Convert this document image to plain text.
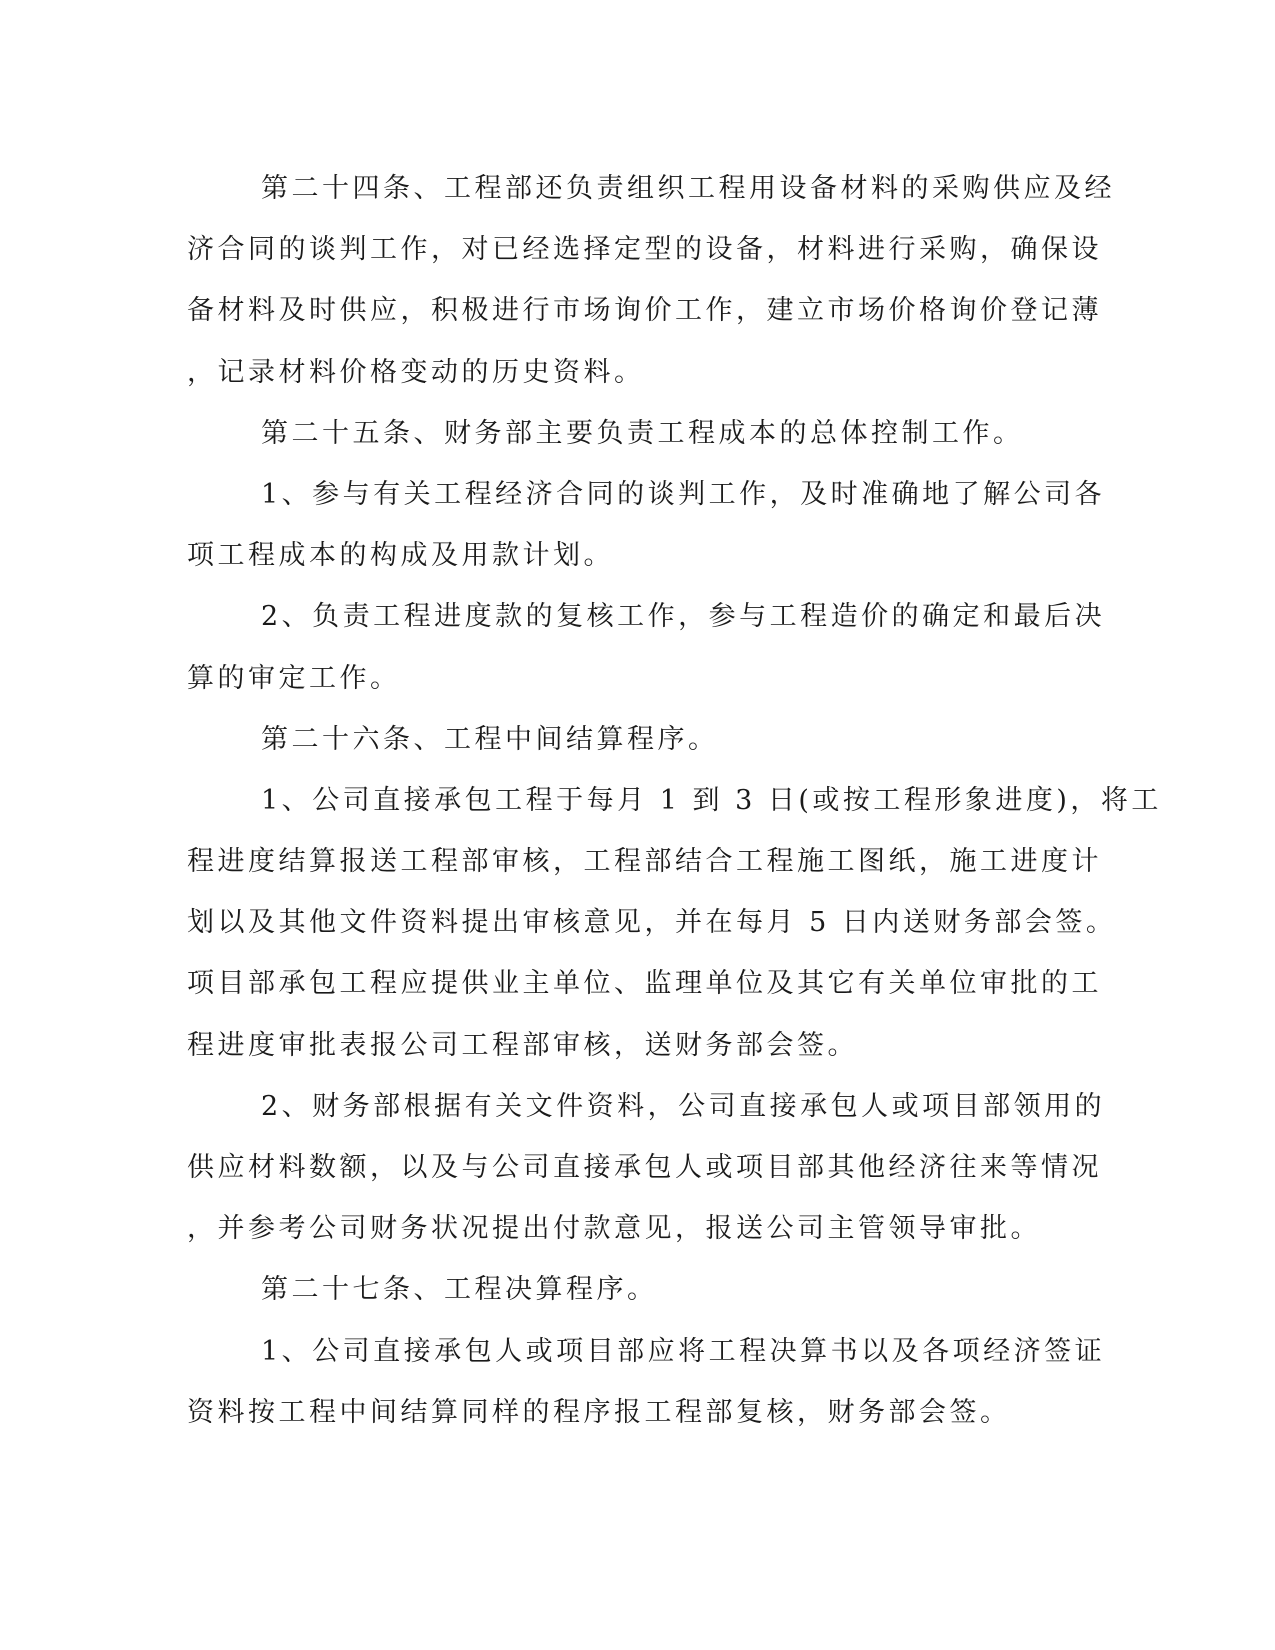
第二十四条、工程部还负责组织工程用设备材料的采购供应及经
济合同的谈判工作，对已经选择定型的设备，材料进行采购，确保设
备材料及时供应，积极进行市场询价工作，建立市场价格询价登记薄
，记录材料价格变动的历史资料。
第二十五条、财务部主要负责工程成本的总体控制工作。
1、参与有关工程经济合同的谈判工作，及时准确地了解公司各
项工程成本的构成及用款计划。
2、负责工程进度款的复核工作，参与工程造价的确定和最后决
算的审定工作。
第二十六条、工程中间结算程序。
1、公司直接承包工程于每月 1 到 3 日(或按工程形象进度)，将工
程进度结算报送工程部审核，工程部结合工程施工图纸，施工进度计
划以及其他文件资料提出审核意见，并在每月 5 日内送财务部会签。
项目部承包工程应提供业主单位、监理单位及其它有关单位审批的工
程进度审批表报公司工程部审核，送财务部会签。
2、财务部根据有关文件资料，公司直接承包人或项目部领用的
供应材料数额，以及与公司直接承包人或项目部其他经济往来等情况
，并参考公司财务状况提出付款意见，报送公司主管领导审批。
第二十七条、工程决算程序。
1、公司直接承包人或项目部应将工程决算书以及各项经济签证
资料按工程中间结算同样的程序报工程部复核，财务部会签。
